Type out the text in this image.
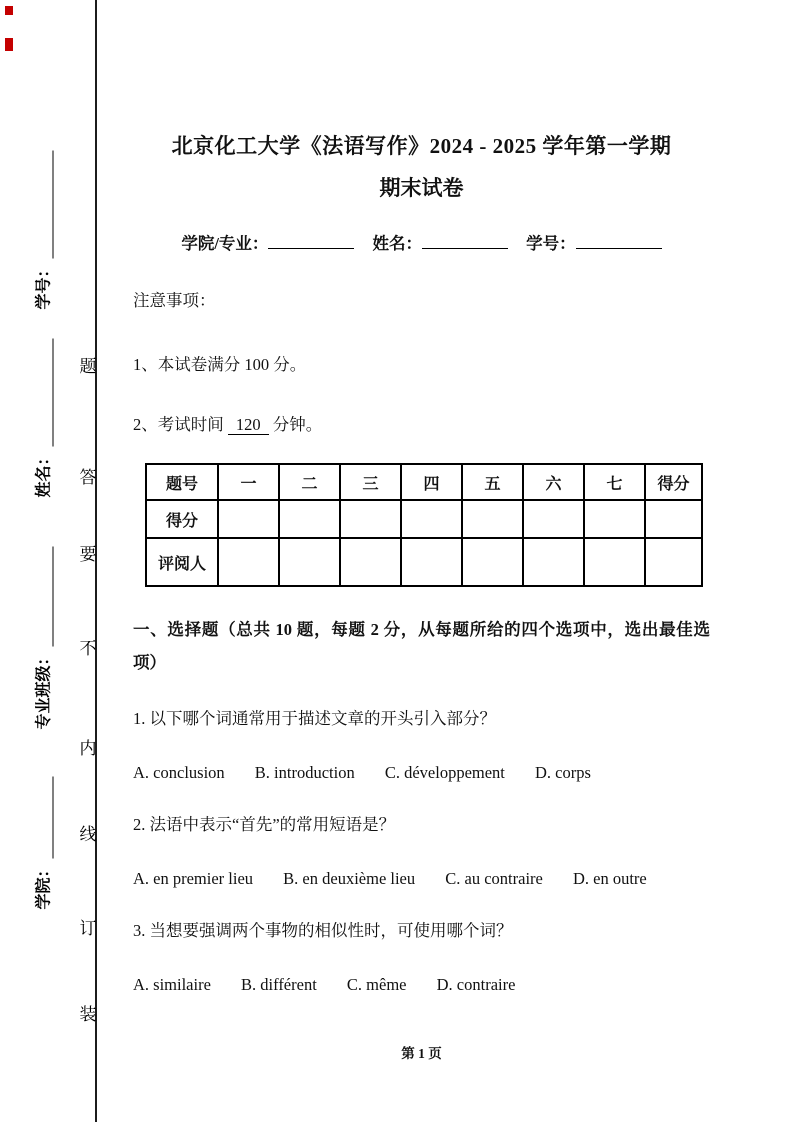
学号：
姓名：
专业班级：
学院：
题
答
要
不
内
线
订
装
北京化工大学《法语写作》2024 - 2025 学年第一学期
期末试卷
学院/专业：	姓名：	学号：
注意事项：
1、本试卷满分 100 分。
2、考试时间 120 分钟。
题号	一	二	三	四	五	六	七	得分
得分								
评阅人								
一、选择题（总共 10 题，每题 2 分，从每题所给的四个选项中，选出最佳选项）
1. 以下哪个词通常用于描述文章的开头引入部分？
A. conclusion B. introduction C. développement D. corps
2. 法语中表示“首先”的常用短语是？
A. en premier lieu B. en deuxième lieu C. au contraire D. en outre
3. 当想要强调两个事物的相似性时，可使用哪个词？
A. similaire B. différent C. même D. contraire
第 1 页
